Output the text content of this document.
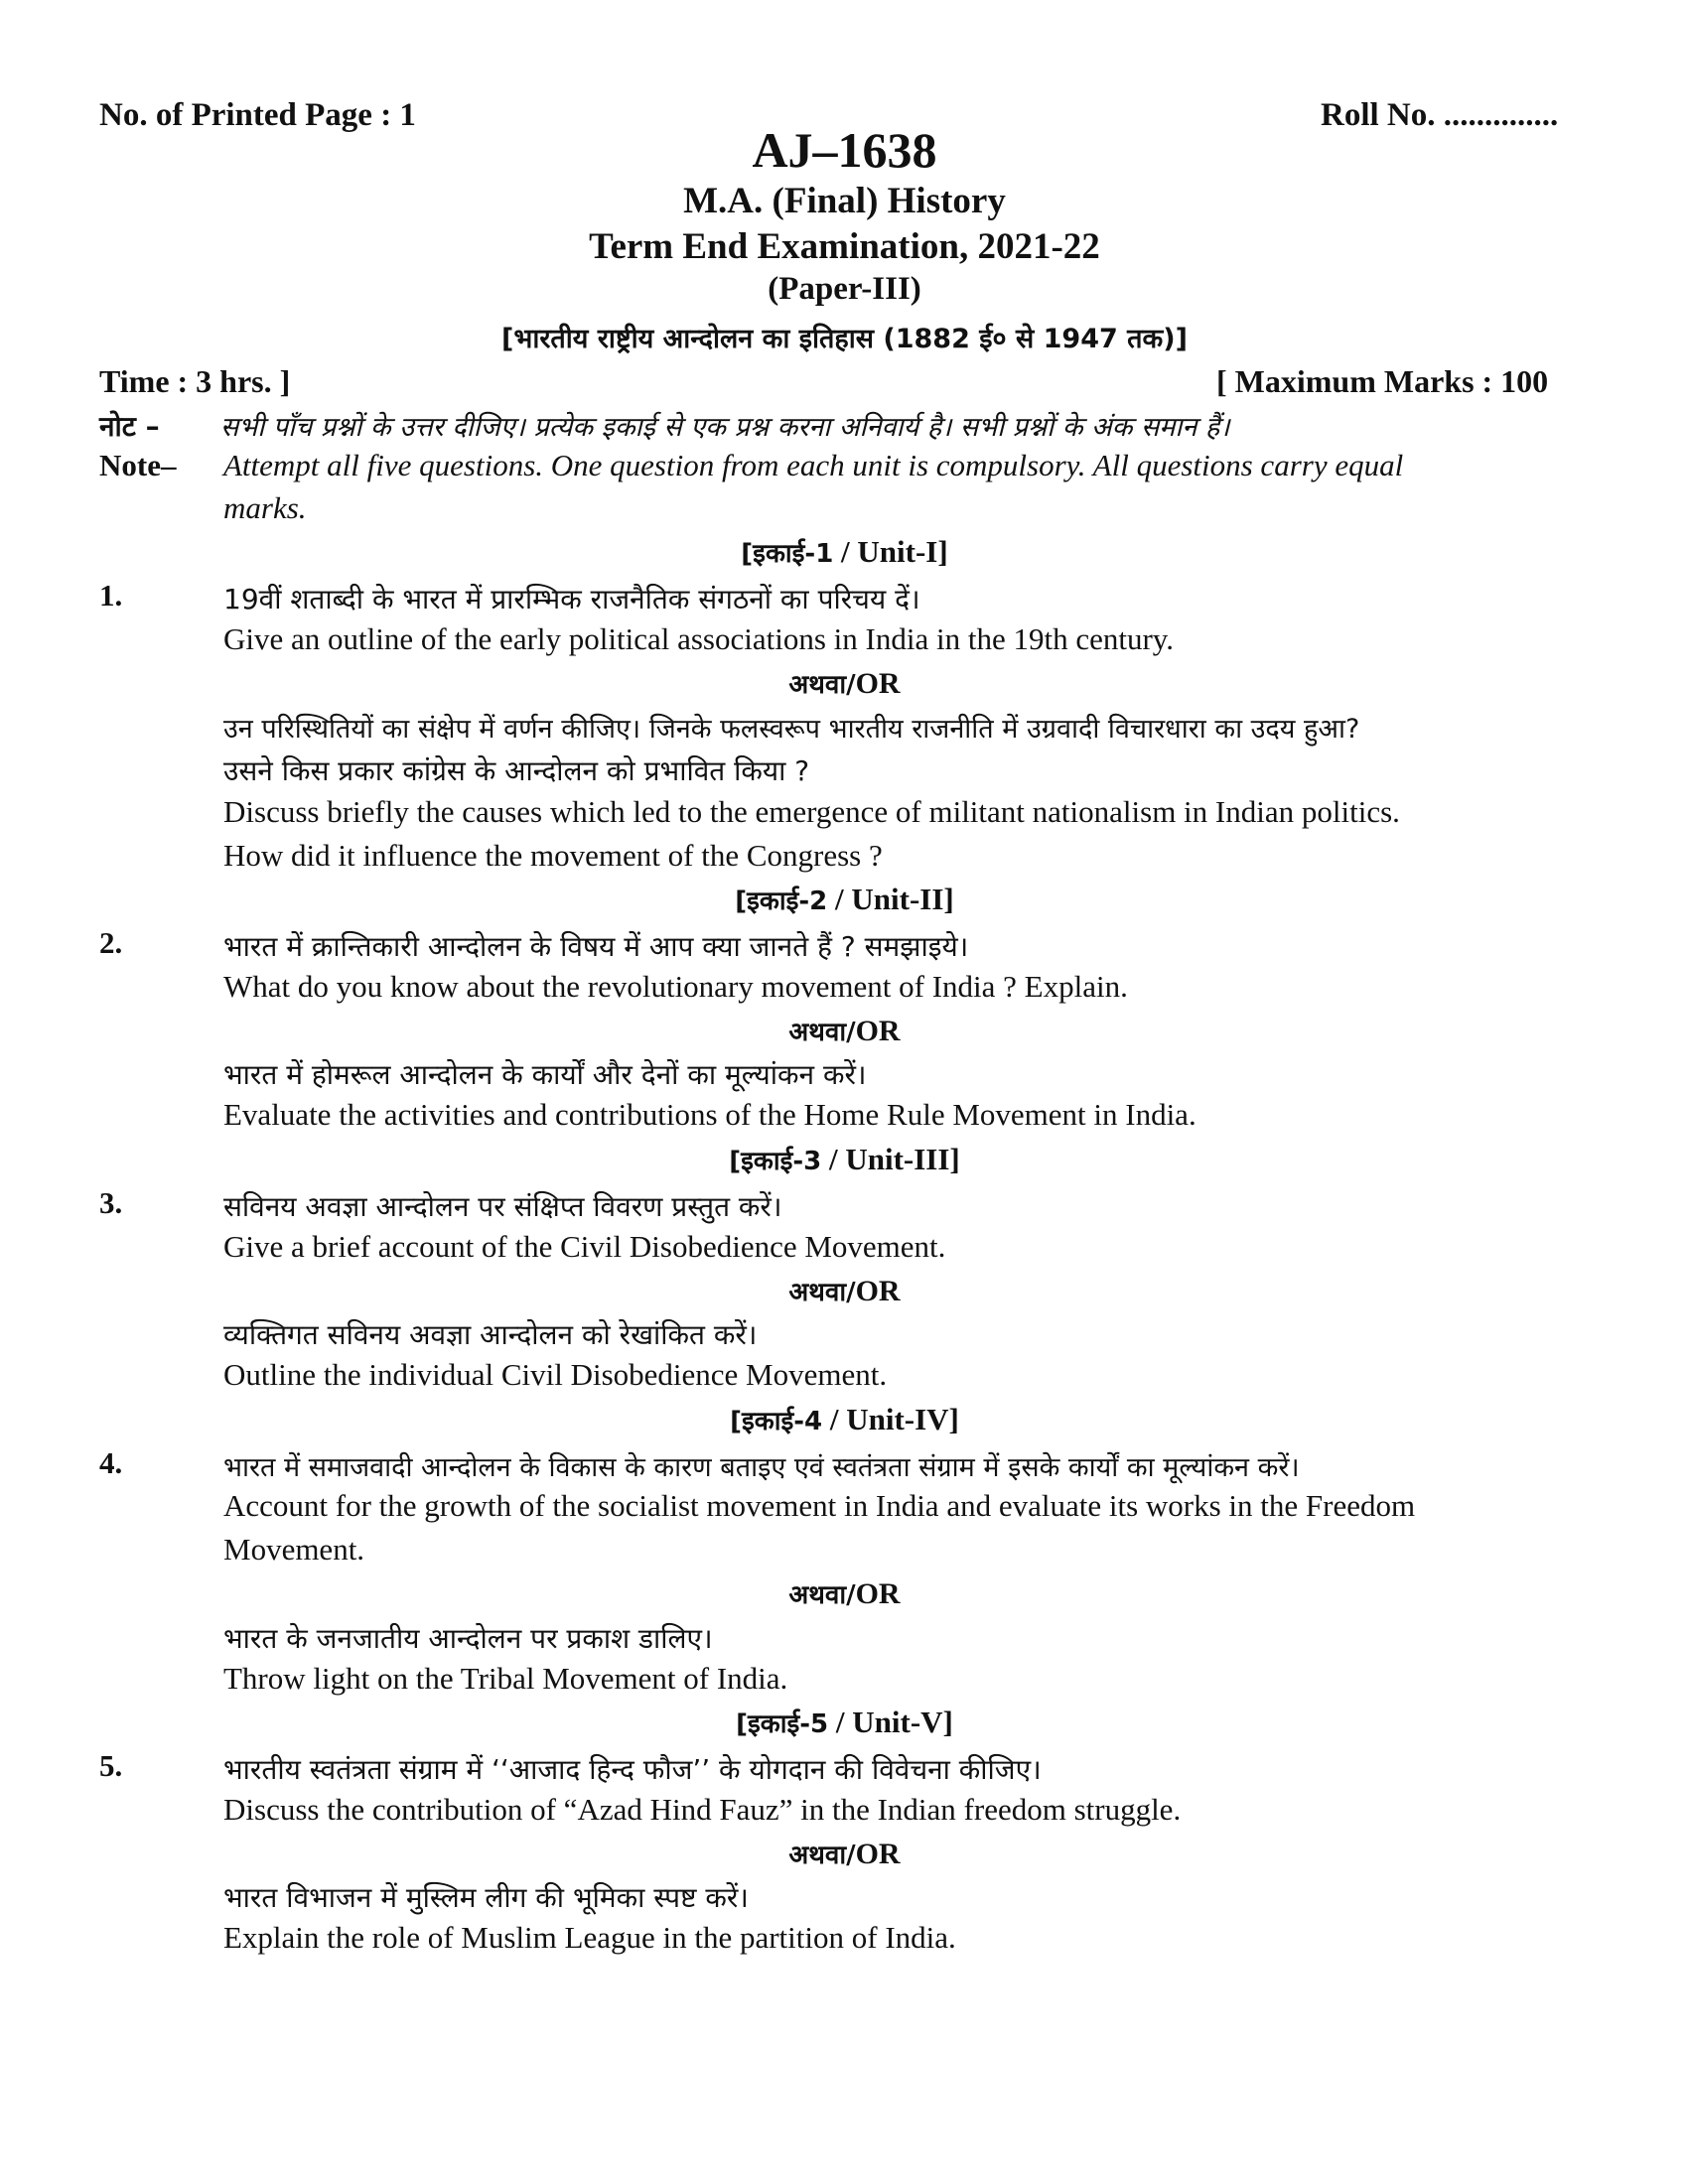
No. of Printed Page : 1	Roll No. ..............
AJ–1638
M.A. (Final) History
Term End Examination, 2021-22
(Paper-III)
[भारतीय राष्ट्रीय आन्दोलन का इतिहास (1882 ई० से 1947 तक)]
Time : 3 hrs. ]	[ Maximum Marks : 100
नोट – सभी पाँच प्रश्नों के उत्तर दीजिए। प्रत्येक इकाई से एक प्रश्न करना अनिवार्य है। सभी प्रश्नों के अंक समान हैं।
Note– Attempt all five questions. One question from each unit is compulsory. All questions carry equal
marks.
[इकाई-1 / Unit-I]
1.	19वीं शताब्दी के भारत में प्रारम्भिक राजनैतिक संगठनों का परिचय दें।
Give an outline of the early political associations in India in the 19th century.
अथवा/OR
उन परिस्थितियों का संक्षेप में वर्णन कीजिए। जिनके फलस्वरूप भारतीय राजनीति में उग्रवादी विचारधारा का उदय हुआ?
उसने किस प्रकार कांग्रेस के आन्दोलन को प्रभावित किया ?
Discuss briefly the causes which led to the emergence of militant nationalism in Indian politics.
How did it influence the movement of the Congress ?
[इकाई-2 / Unit-II]
2.	भारत में क्रान्तिकारी आन्दोलन के विषय में आप क्या जानते हैं ? समझाइये।
What do you know about the revolutionary movement of India ? Explain.
अथवा/OR
भारत में होमरूल आन्दोलन के कार्यों और देनों का मूल्यांकन करें।
Evaluate the activities and contributions of the Home Rule Movement in India.
[इकाई-3 / Unit-III]
3.	सविनय अवज्ञा आन्दोलन पर संक्षिप्त विवरण प्रस्तुत करें।
Give a brief account of the Civil Disobedience Movement.
अथवा/OR
व्यक्तिगत सविनय अवज्ञा आन्दोलन को रेखांकित करें।
Outline the individual Civil Disobedience Movement.
[इकाई-4 / Unit-IV]
4.	भारत में समाजवादी आन्दोलन के विकास के कारण बताइए एवं स्वतंत्रता संग्राम में इसके कार्यों का मूल्यांकन करें।
Account for the growth of the socialist movement in India and evaluate its works in the Freedom
Movement.
अथवा/OR
भारत के जनजातीय आन्दोलन पर प्रकाश डालिए।
Throw light on the Tribal Movement of India.
[इकाई-5 / Unit-V]
5.	भारतीय स्वतंत्रता संग्राम में ‘‘आजाद हिन्द फौज’’ के योगदान की विवेचना कीजिए।
Discuss the contribution of “Azad Hind Fauz” in the Indian freedom struggle.
अथवा/OR
भारत विभाजन में मुस्लिम लीग की भूमिका स्पष्ट करें।
Explain the role of Muslim League in the partition of India.
